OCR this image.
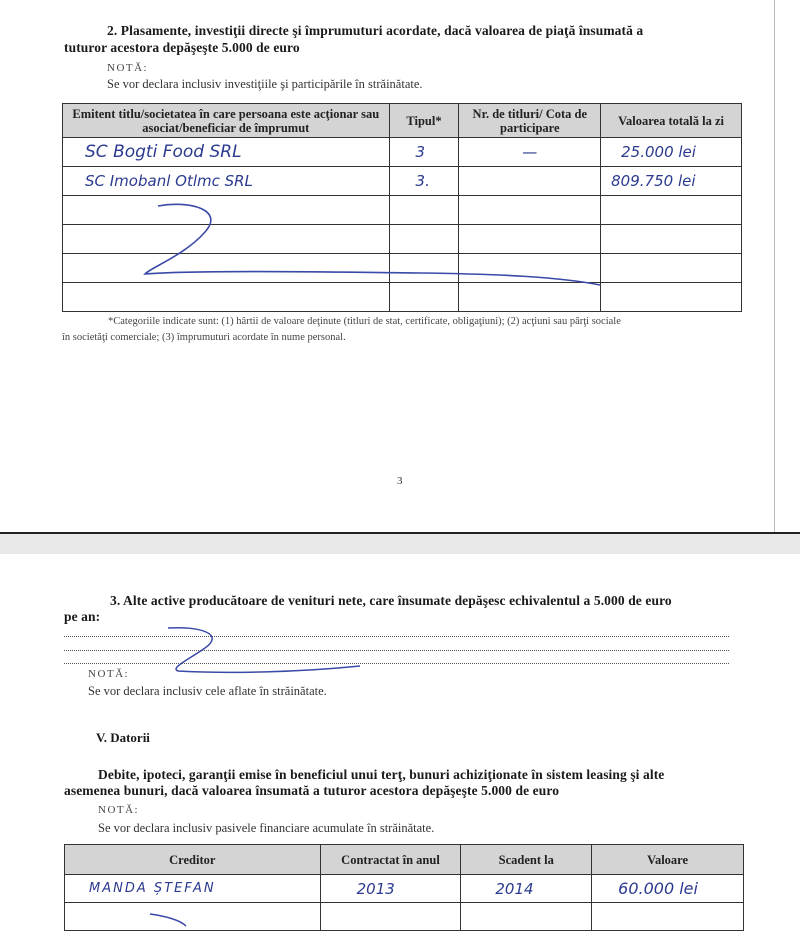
2. Plasamente, investiţii directe şi împrumuturi acordate, dacă valoarea de piaţă însumată a
tuturor acestora depăşeşte 5.000 de euro
NOTĂ:
Se vor declara inclusiv investiţiile şi participările în străinătate.
Emitent titlu/societatea în care persoana este acţionar sau asociat/beneficiar de împrumut	Tipul*	Nr. de titluri/ Cota de participare	Valoarea totală la zi
SC Bogti Food SRL	3	—	25.000 lei
SC Imobanl Otlmc SRL	3.		809.750 lei

*Categoriile indicate sunt: (1) hârtii de valoare deţinute (titluri de stat, certificate, obligaţiuni); (2) acţiuni sau părţi sociale
în societăţi comerciale; (3) împrumuturi acordate în nume personal.
3
3. Alte active producătoare de venituri nete, care însumate depăşesc echivalentul a 5.000 de euro
pe an:
NOTĂ:
Se vor declara inclusiv cele aflate în străinătate.
V. Datorii
Debite, ipoteci, garanţii emise în beneficiul unui terţ, bunuri achiziţionate în sistem leasing şi alte
asemenea bunuri, dacă valoarea însumată a tuturor acestora depăşeşte 5.000 de euro
NOTĂ:
Se vor declara inclusiv pasivele financiare acumulate în străinătate.
Creditor	Contractat în anul	Scadent la	Valoare
MANDA ȘTEFAN	2013	2014	60.000 lei
